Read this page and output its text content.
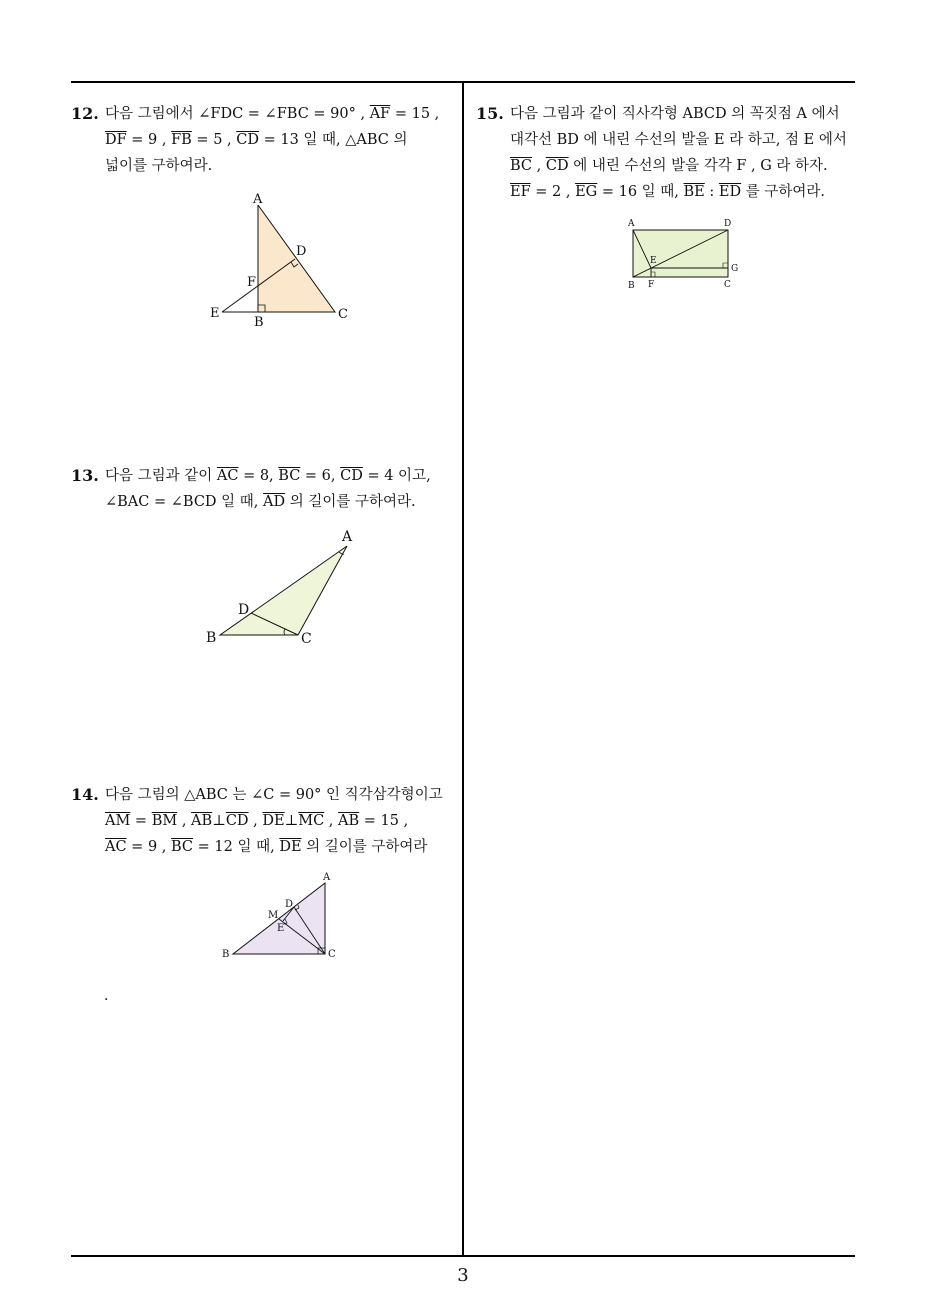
12. 다음 그림에서 ∠FDC = ∠FBC = 90° , $\overline{AF} = 15$ ,
$\overline{DF} = 9$ , $\overline{FB} = 5$ , $\overline{CD} = 13$ 일 때, △ABC 의
넓이를 구하여라.
A
D
F
E
B
C
13. 다음 그림과 같이 $\overline{AC} = 8$, $\overline{BC} = 6$, $\overline{CD} = 4$ 이고,
∠BAC = ∠BCD 일 때, $\overline{AD}$ 의 길이를 구하여라.
A
D
B	C
14. 다음 그림의 △ABC 는 ∠C = 90° 인 직각삼각형이고
$\overline{AM} = \overline{BM}$ , $\overline{AB}\perp\overline{CD}$ , $\overline{DE}\perp\overline{MC}$ , $\overline{AB} = 15$ ,
$\overline{AC} = 9$ , $\overline{BC} = 12$ 일 때, $\overline{DE}$ 의 길이를 구하여라
A
D
M
E
B	C
.
15. 다음 그림과 같이 직사각형 ABCD 의 꼭짓점 A 에서
대각선 BD 에 내린 수선의 발을 E 라 하고, 점 E 에서
$\overline{BC}$ , $\overline{CD}$ 에 내린 수선의 발을 각각 F , G 라 하자.
$\overline{EF} = 2$ , $\overline{EG} = 16$ 일 때, $\overline{BE}$ : $\overline{ED}$ 를 구하여라.
A	D
E
G
B F	C
3
